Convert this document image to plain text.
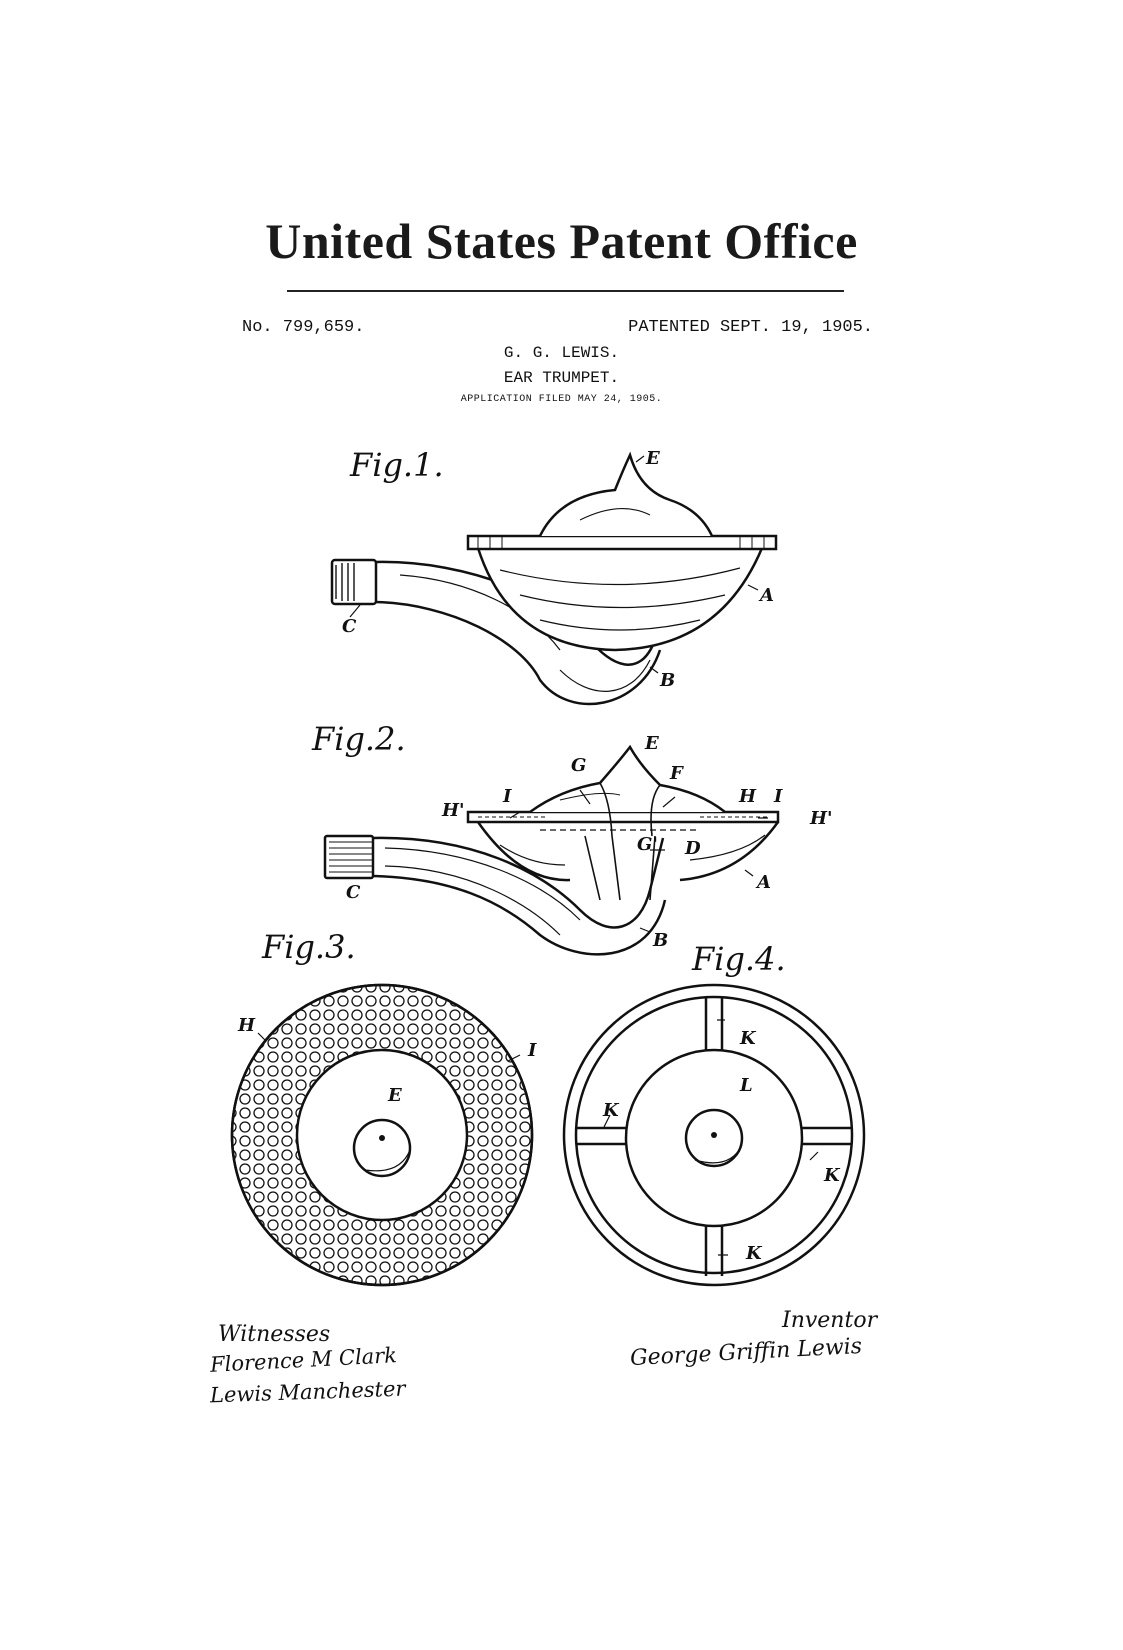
United States Patent Office
No. 799,659.	PATENTED SEPT. 19, 1905.
G. G. LEWIS.
EAR TRUMPET.
APPLICATION FILED MAY 24, 1905.
Fig.1.
Fig.2.
Fig.3.	Fig.4.
E
A
C
B
E
G	F
H'
I	H I
H'
G' D
A
C
B
H
I
E
K
L
K
K
K
Witnesses
Florence M Clark
Lewis Manchester
Inventor
George Griffin Lewis
